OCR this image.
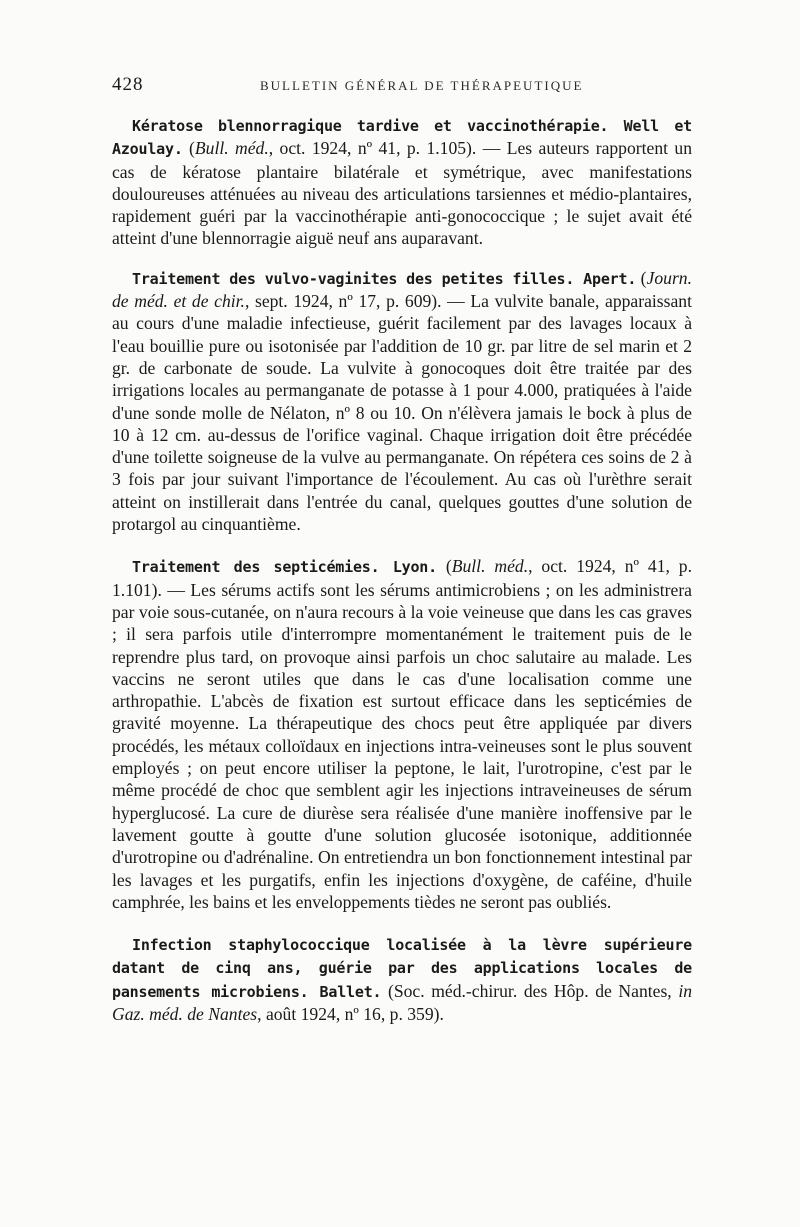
428	BULLETIN GÉNÉRAL DE THÉRAPEUTIQUE

Kératose blennorragique tardive et vaccinothérapie. Well et Azoulay. (Bull. méd., oct. 1924, nº 41, p. 1.105). — Les auteurs rapportent un cas de kératose plantaire bilatérale et symétrique, avec manifestations douloureuses atténuées au niveau des articulations tarsiennes et médio-plantaires, rapidement guéri par la vaccinothérapie anti-gonococcique ; le sujet avait été atteint d'une blennorragie aiguë neuf ans auparavant.

Traitement des vulvo-vaginites des petites filles. Apert. (Journ. de méd. et de chir., sept. 1924, nº 17, p. 609). — La vulvite banale, apparaissant au cours d'une maladie infectieuse, guérit facilement par des lavages locaux à l'eau bouillie pure ou isotonisée par l'addition de 10 gr. par litre de sel marin et 2 gr. de carbonate de soude. La vulvite à gonocoques doit être traitée par des irrigations locales au permanganate de potasse à 1 pour 4.000, pratiquées à l'aide d'une sonde molle de Nélaton, nº 8 ou 10. On n'élèvera jamais le bock à plus de 10 à 12 cm. au-dessus de l'orifice vaginal. Chaque irrigation doit être précédée d'une toilette soigneuse de la vulve au permanganate. On répétera ces soins de 2 à 3 fois par jour suivant l'importance de l'écoulement. Au cas où l'urèthre serait atteint on instillerait dans l'entrée du canal, quelques gouttes d'une solution de protargol au cinquantième.

Traitement des septicémies. Lyon. (Bull. méd., oct. 1924, nº 41, p. 1.101). — Les sérums actifs sont les sérums antimicrobiens ; on les administrera par voie sous-cutanée, on n'aura recours à la voie veineuse que dans les cas graves ; il sera parfois utile d'interrompre momentanément le traitement puis de le reprendre plus tard, on provoque ainsi parfois un choc salutaire au malade. Les vaccins ne seront utiles que dans le cas d'une localisation comme une arthropathie. L'abcès de fixation est surtout efficace dans les septicémies de gravité moyenne. La thérapeutique des chocs peut être appliquée par divers procédés, les métaux colloïdaux en injections intra-veineuses sont le plus souvent employés ; on peut encore utiliser la peptone, le lait, l'urotropine, c'est par le même procédé de choc que semblent agir les injections intraveineuses de sérum hyperglucosé. La cure de diurèse sera réalisée d'une manière inoffensive par le lavement goutte à goutte d'une solution glucosée isotonique, additionnée d'urotropine ou d'adrénaline. On entretiendra un bon fonctionnement intestinal par les lavages et les purgatifs, enfin les injections d'oxygène, de caféine, d'huile camphrée, les bains et les enveloppements tièdes ne seront pas oubliés.

Infection staphylococcique localisée à la lèvre supérieure datant de cinq ans, guérie par des applications locales de pansements microbiens. Ballet. (Soc. méd.-chirur. des Hôp. de Nantes, in Gaz. méd. de Nantes, août 1924, nº 16, p. 359).
